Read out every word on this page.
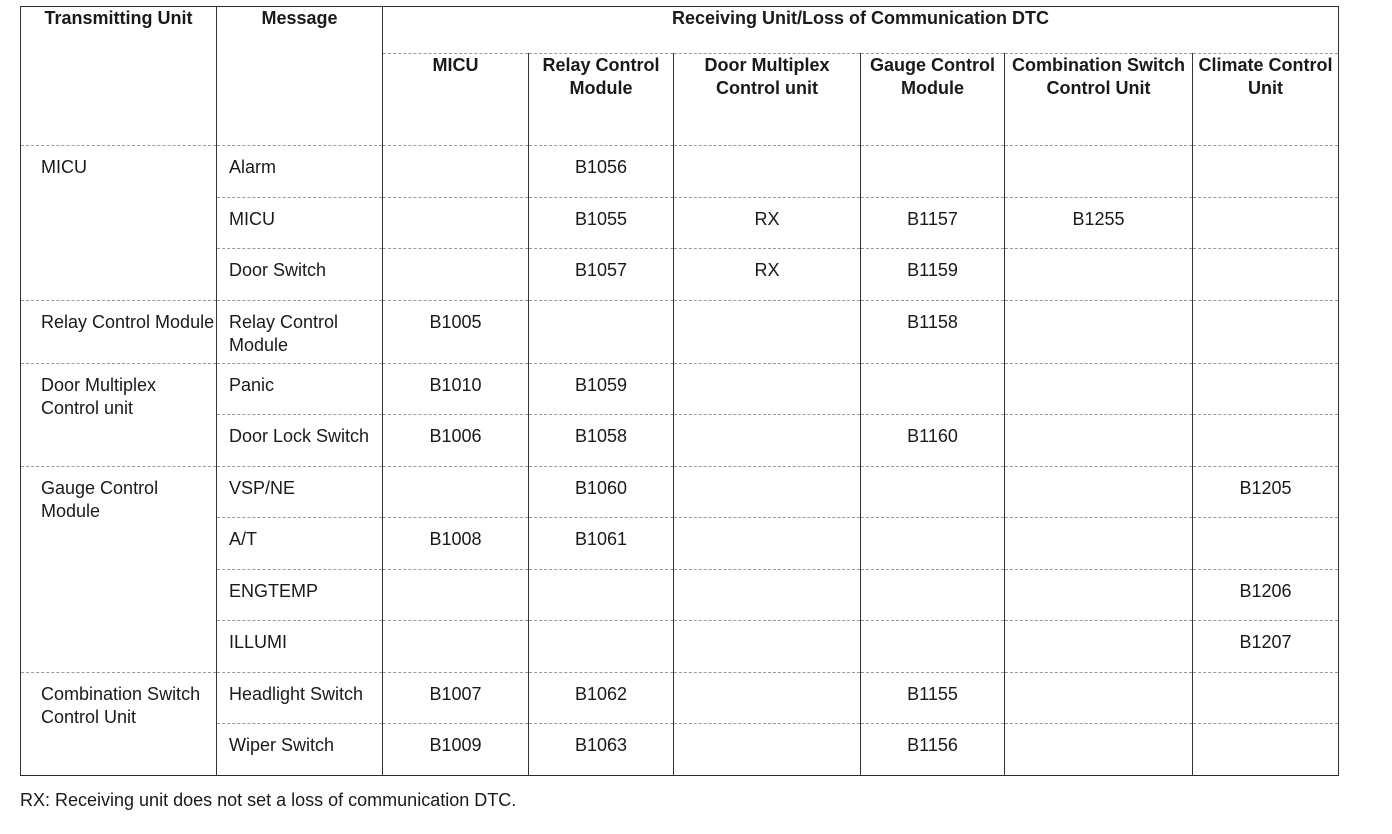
Transmitting Unit	Message	Receiving Unit/Loss of Communication DTC					
		MICU	Relay Control Module	Door Multiplex Control unit	Gauge Control Module	Combination Switch Control Unit	Climate Control Unit
MICU	Alarm		B1056				
	MICU		B1055	RX	B1157	B1255	
	Door Switch		B1057	RX	B1159		
Relay Control Module	Relay Control Module	B1005			B1158		
Door Multiplex Control unit	Panic	B1010	B1059				
	Door Lock Switch	B1006	B1058		B1160		
Gauge Control Module	VSP/NE		B1060				B1205
	A/T	B1008	B1061				
	ENGTEMP						B1206
	ILLUMI						B1207
Combination Switch Control Unit	Headlight Switch	B1007	B1062		B1155		
	Wiper Switch	B1009	B1063		B1156		
RX: Receiving unit does not set a loss of communication DTC.
